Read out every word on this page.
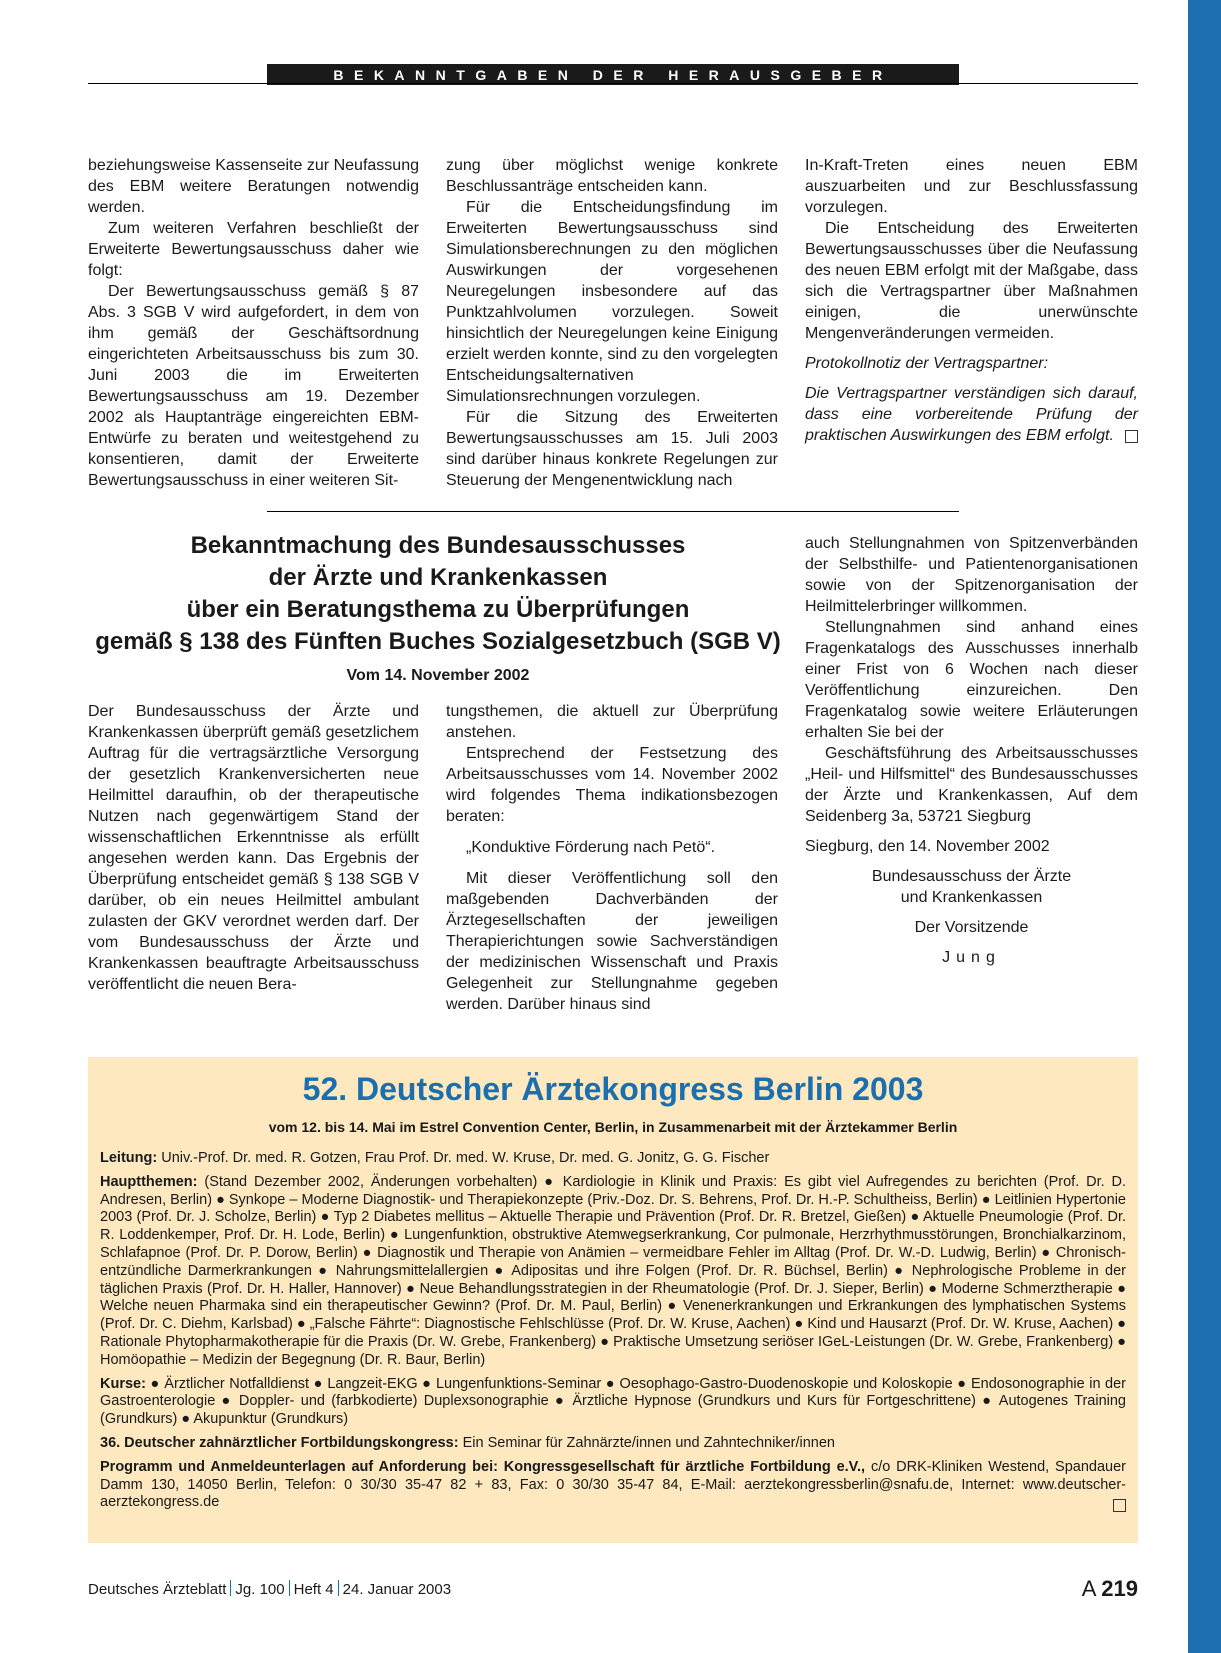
BEKANNTGABEN DER HERAUSGEBER

beziehungsweise Kassenseite zur Neufassung des EBM weitere Beratungen notwendig werden.

Zum weiteren Verfahren beschließt der Erweiterte Bewertungsausschuss daher wie folgt:

Der Bewertungsausschuss gemäß § 87 Abs. 3 SGB V wird aufgefordert, in dem von ihm gemäß der Geschäftsordnung eingerichteten Arbeitsausschuss bis zum 30. Juni 2003 die im Erweiterten Bewertungsausschuss am 19. Dezember 2002 als Hauptanträge eingereichten EBM-Entwürfe zu beraten und weitestgehend zu konsentieren, damit der Erweiterte Bewertungsausschuss in einer weiteren Sit-

zung über möglichst wenige konkrete Beschlussanträge entscheiden kann.

Für die Entscheidungsfindung im Erweiterten Bewertungsausschuss sind Simulationsberechnungen zu den möglichen Auswirkungen der vorgesehenen Neuregelungen insbesondere auf das Punktzahlvolumen vorzulegen. Soweit hinsichtlich der Neuregelungen keine Einigung erzielt werden konnte, sind zu den vorgelegten Entscheidungsalternativen Simulationsrechnungen vorzulegen.

Für die Sitzung des Erweiterten Bewertungsausschusses am 15. Juli 2003 sind darüber hinaus konkrete Regelungen zur Steuerung der Mengenentwicklung nach

In-Kraft-Treten eines neuen EBM auszuarbeiten und zur Beschlussfassung vorzulegen.

Die Entscheidung des Erweiterten Bewertungsausschusses über die Neufassung des neuen EBM erfolgt mit der Maßgabe, dass sich die Vertragspartner über Maßnahmen einigen, die unerwünschte Mengenveränderungen vermeiden.

Protokollnotiz der Vertragspartner:

Die Vertragspartner verständigen sich darauf, dass eine vorbereitende Prüfung der praktischen Auswirkungen des EBM erfolgt.

Bekanntmachung des Bundesausschusses

der Ärzte und Krankenkassen

über ein Beratungsthema zu Überprüfungen

gemäß § 138 des Fünften Buches Sozialgesetzbuch (SGB V)

Vom 14. November 2002

Der Bundesausschuss der Ärzte und Krankenkassen überprüft gemäß gesetzlichem Auftrag für die vertragsärztliche Versorgung der gesetzlich Krankenversicherten neue Heilmittel daraufhin, ob der therapeutische Nutzen nach gegenwärtigem Stand der wissenschaftlichen Erkenntnisse als erfüllt angesehen werden kann. Das Ergebnis der Überprüfung entscheidet gemäß § 138 SGB V darüber, ob ein neues Heilmittel ambulant zulasten der GKV verordnet werden darf. Der vom Bundesausschuss der Ärzte und Krankenkassen beauftragte Arbeitsausschuss veröffentlicht die neuen Bera-

tungsthemen, die aktuell zur Überprüfung anstehen.

Entsprechend der Festsetzung des Arbeitsausschusses vom 14. November 2002 wird folgendes Thema indikationsbezogen beraten:

„Konduktive Förderung nach Petö“.

Mit dieser Veröffentlichung soll den maßgebenden Dachverbänden der Ärztegesellschaften der jeweiligen Therapierichtungen sowie Sachverständigen der medizinischen Wissenschaft und Praxis Gelegenheit zur Stellungnahme gegeben werden. Darüber hinaus sind

auch Stellungnahmen von Spitzenverbänden der Selbsthilfe- und Patientenorganisationen sowie von der Spitzenorganisation der Heilmittelerbringer willkommen.

Stellungnahmen sind anhand eines Fragenkatalogs des Ausschusses innerhalb einer Frist von 6 Wochen nach dieser Veröffentlichung einzureichen. Den Fragenkatalog sowie weitere Erläuterungen erhalten Sie bei der

Geschäftsführung des Arbeitsausschusses „Heil- und Hilfsmittel“ des Bundesausschusses der Ärzte und Krankenkassen, Auf dem Seidenberg 3a, 53721 Siegburg

Siegburg, den 14. November 2002

Bundesausschuss der Ärzte

und Krankenkassen

Der Vorsitzende

Jung

52. Deutscher Ärztekongress Berlin 2003

vom 12. bis 14. Mai im Estrel Convention Center, Berlin, in Zusammenarbeit mit der Ärztekammer Berlin

Leitung: Univ.-Prof. Dr. med. R. Gotzen, Frau Prof. Dr. med. W. Kruse, Dr. med. G. Jonitz, G. G. Fischer

Hauptthemen: (Stand Dezember 2002, Änderungen vorbehalten) ● Kardiologie in Klinik und Praxis: Es gibt viel Aufregendes zu berichten (Prof. Dr. D. Andresen, Berlin) ● Synkope – Moderne Diagnostik- und Therapiekonzepte (Priv.-Doz. Dr. S. Behrens, Prof. Dr. H.-P. Schultheiss, Berlin) ● Leitlinien Hypertonie 2003 (Prof. Dr. J. Scholze, Berlin) ● Typ 2 Diabetes mellitus – Aktuelle Therapie und Prävention (Prof. Dr. R. Bretzel, Gießen) ● Aktuelle Pneumologie (Prof. Dr. R. Loddenkemper, Prof. Dr. H. Lode, Berlin) ● Lungenfunktion, obstruktive Atemwegserkrankung, Cor pulmonale, Herzrhythmusstörungen, Bronchialkarzinom, Schlafapnoe (Prof. Dr. P. Dorow, Berlin) ● Diagnostik und Therapie von Anämien – vermeidbare Fehler im Alltag (Prof. Dr. W.-D. Ludwig, Berlin) ● Chronisch-entzündliche Darmerkrankungen ● Nahrungsmittelallergien ● Adipositas und ihre Folgen (Prof. Dr. R. Büchsel, Berlin) ● Nephrologische Probleme in der täglichen Praxis (Prof. Dr. H. Haller, Hannover) ● Neue Behandlungsstrategien in der Rheumatologie (Prof. Dr. J. Sieper, Berlin) ● Moderne Schmerztherapie ● Welche neuen Pharmaka sind ein therapeutischer Gewinn? (Prof. Dr. M. Paul, Berlin) ● Venenerkrankungen und Erkrankungen des lymphatischen Systems (Prof. Dr. C. Diehm, Karlsbad) ● „Falsche Fährte“: Diagnostische Fehlschlüsse (Prof. Dr. W. Kruse, Aachen) ● Kind und Hausarzt (Prof. Dr. W. Kruse, Aachen) ● Rationale Phytopharmakotherapie für die Praxis (Dr. W. Grebe, Frankenberg) ● Praktische Umsetzung seriöser IGeL-Leistungen (Dr. W. Grebe, Frankenberg) ● Homöopathie – Medizin der Begegnung (Dr. R. Baur, Berlin)

Kurse: ● Ärztlicher Notfalldienst ● Langzeit-EKG ● Lungenfunktions-Seminar ● Oesophago-Gastro-Duodenoskopie und Koloskopie ● Endosonographie in der Gastroenterologie ● Doppler- und (farbkodierte) Duplexsonographie ● Ärztliche Hypnose (Grundkurs und Kurs für Fortgeschrittene) ● Autogenes Training (Grundkurs) ● Akupunktur (Grundkurs)

36. Deutscher zahnärztlicher Fortbildungskongress: Ein Seminar für Zahnärzte/innen und Zahntechniker/innen

Programm und Anmeldeunterlagen auf Anforderung bei: Kongressgesellschaft für ärztliche Fortbildung e.V., c/o DRK-Kliniken Westend, Spandauer Damm 130, 14050 Berlin, Telefon: 0 30/30 35-47 82 + 83, Fax: 0 30/30 35-47 84, E-Mail: aerztekongressberlin@snafu.de, Internet: www.deutscher-aerztekongress.de

Deutsches Ärzteblatt Jg. 100 Heft 4 24. Januar 2003	A 219
